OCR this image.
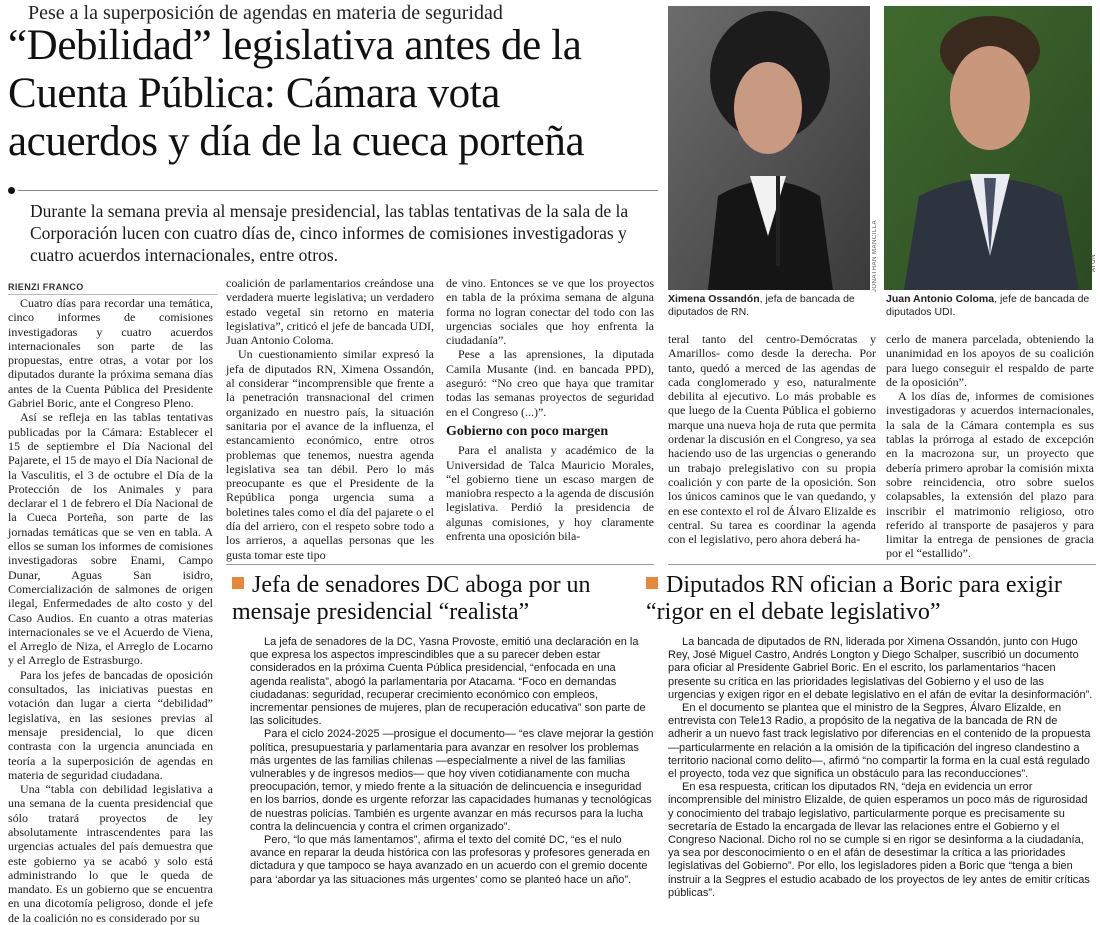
Pese a la superposición de agendas en materia de seguridad
“Debilidad” legislativa antes de la Cuenta Pública: Cámara vota acuerdos y día de la cueca porteña
Durante la semana previa al mensaje presidencial, las tablas tentativas de la sala de la Corporación lucen con cuatro días de, cinco informes de comisiones investigadoras y cuatro acuerdos internacionales, entre otros.
RIENZI FRANCO	JONATHAN MANCILLA
Ximena Ossandón, jefa de bancada de diputados de RN.
ATON
Juan Antonio Coloma, jefe de bancada de diputados UDI.

Cuatro días para recordar una temática, cinco informes de comisiones investigadoras y cuatro acuerdos internacionales son parte de las propuestas, entre otras, a votar por los diputados durante la próxima semana días antes de la Cuenta Pública del Presidente Gabriel Boric, ante el Congreso Pleno.

Así se refleja en las tablas tentativas publicadas por la Cámara: Establecer el 15 de septiembre el Día Nacional del Pajarete, el 15 de mayo el Día Nacional de la Vasculitis, el 3 de octubre el Día de la Protección de los Animales y para declarar el 1 de febrero el Día Nacional de la Cueca Porteña, son parte de las jornadas temáticas que se ven en tabla. A ellos se suman los informes de comisiones investigadoras sobre Enami, Campo Dunar, Aguas San isidro, Comercialización de salmones de origen ilegal, Enfermedades de alto costo y del Caso Audios. En cuanto a otras materias internacionales se ve el Acuerdo de Viena, el Arreglo de Niza, el Arreglo de Locarno y el Arreglo de Estrasburgo.

Para los jefes de bancadas de oposición consultados, las iniciativas puestas en votación dan lugar a cierta “debilidad” legislativa, en las sesiones previas al mensaje presidencial, lo que dicen contrasta con la urgencia anunciada en teoría a la superposición de agendas en materia de seguridad ciudadana.

Una “tabla con debilidad legislativa a una semana de la cuenta presidencial que sólo tratará proyectos de ley absolutamente intrascendentes para las urgencias actuales del país demuestra que este gobierno ya se acabó y solo está administrando lo que le queda de mandato. Es un gobierno que se encuentra en una dicotomía peligroso, donde el jefe de la coalición no es considerado por su

coalición de parlamentarios creándose una verdadera muerte legislativa; un verdadero estado vegetal sin retorno en materia legislativa”, criticó el jefe de bancada UDI, Juan Antonio Coloma.

Un cuestionamiento similar expresó la jefa de diputados RN, Ximena Ossandón, al considerar “incomprensible que frente a la penetración transnacional del crimen organizado en nuestro país, la situación sanitaria por el avance de la influenza, el estancamiento económico, entre otros problemas que tenemos, nuestra agenda legislativa sea tan débil. Pero lo más preocupante es que el Presidente de la República ponga urgencia suma a boletines tales como el día del pajarete o el día del arriero, con el respeto sobre todo a los arrieros, a aquellas personas que les gusta tomar este tipo

de vino. Entonces se ve que los proyectos en tabla de la próxima semana de alguna forma no logran conectar del todo con las urgencias sociales que hoy enfrenta la ciudadanía”.

Pese a las aprensiones, la diputada Camila Musante (ind. en bancada PPD), aseguró: “No creo que haya que tramitar todas las semanas proyectos de seguridad en el Congreso (...)”.

Gobierno con poco margen

Para el analista y académico de la Universidad de Talca Mauricio Morales, “el gobierno tiene un escaso margen de maniobra respecto a la agenda de discusión legislativa. Perdió la presidencia de algunas comisiones, y hoy claramente enfrenta una oposición bila-

teral tanto del centro-Demócratas y Amarillos- como desde la derecha. Por tanto, quedó a merced de las agendas de cada conglomerado y eso, naturalmente debilita al ejecutivo. Lo más probable es que luego de la Cuenta Pública el gobierno marque una nueva hoja de ruta que permita ordenar la discusión en el Congreso, ya sea haciendo uso de las urgencias o generando un trabajo prelegislativo con su propia coalición y con parte de la oposición. Son los únicos caminos que le van quedando, y en ese contexto el rol de Álvaro Elizalde es central. Su tarea es coordinar la agenda con el legislativo, pero ahora deberá ha-

cerlo de manera parcelada, obteniendo la unanimidad en los apoyos de su coalición para luego conseguir el respaldo de parte de la oposición”.

A los días de, informes de comisiones investigadoras y acuerdos internacionales, la sala de la Cámara contempla es sus tablas la prórroga al estado de excepción en la macrozona sur, un proyecto que debería primero aprobar la comisión mixta sobre reincidencia, otro sobre suelos colapsables, la extensión del plazo para inscribir el matrimonio religioso, otro referido al transporte de pasajeros y para limitar la entrega de pensiones de gracia por el “estallido”.

Jefa de senadores DC aboga por un mensaje presidencial “realista”

La jefa de senadores de la DC, Yasna Provoste, emitió una declaración en la que expresa los aspectos imprescindibles que a su parecer deben estar considerados en la próxima Cuenta Pública presidencial, “enfocada en una agenda realista”, abogó la parlamentaria por Atacama. “Foco en demandas ciudadanas: seguridad, recuperar crecimiento económico con empleos, incrementar pensiones de mujeres, plan de recuperación educativa” son parte de las solicitudes.

Para el ciclo 2024-2025 —prosigue el documento— “es clave mejorar la gestión política, presupuestaria y parlamentaria para avanzar en resolver los problemas más urgentes de las familias chilenas —especialmente a nivel de las familias vulnerables y de ingresos medios— que hoy viven cotidianamente con mucha preocupación, temor, y miedo frente a la situación de delincuencia e inseguridad en los barrios, donde es urgente reforzar las capacidades humanas y tecnológicas de nuestras policías. También es urgente avanzar en más recursos para la lucha contra la delincuencia y contra el crimen organizado”.

Pero, “lo que más lamentamos”, afirma el texto del comité DC, “es el nulo avance en reparar la deuda histórica con las profesoras y profesores generada en dictadura y que tampoco se haya avanzado en un acuerdo con el gremio docente para ‘abordar ya las situaciones más urgentes’ como se planteó hace un año”.

Diputados RN ofician a Boric para exigir “rigor en el debate legislativo”

La bancada de diputados de RN, liderada por Ximena Ossandón, junto con Hugo Rey, José Miguel Castro, Andrés Longton y Diego Schalper, suscribió un documento para oficiar al Presidente Gabriel Boric. En el escrito, los parlamentarios “hacen presente su crítica en las prioridades legislativas del Gobierno y el uso de las urgencias y exigen rigor en el debate legislativo en el afán de evitar la desinformación”.

En el documento se plantea que el ministro de la Segpres, Álvaro Elizalde, en entrevista con Tele13 Radio, a propósito de la negativa de la bancada de RN de adherir a un nuevo fast track legislativo por diferencias en el contenido de la propuesta —particularmente en relación a la omisión de la tipificación del ingreso clandestino a territorio nacional como delito—, afirmó “no compartir la forma en la cual está regulado el proyecto, toda vez que significa un obstáculo para las reconducciones”.

En esa respuesta, critican los diputados RN, “deja en evidencia un error incomprensible del ministro Elizalde, de quien esperamos un poco más de rigurosidad y conocimiento del trabajo legislativo, particularmente porque es precisamente su secretaría de Estado la encargada de llevar las relaciones entre el Gobierno y el Congreso Nacional. Dicho rol no se cumple si en rigor se desinforma a la ciudadanía, ya sea por desconocimiento o en el afán de desestimar la crítica a las prioridades legislativas del Gobierno”. Por ello, los legisladores piden a Boric que “tenga a bien instruir a la Segpres el estudio acabado de los proyectos de ley antes de emitir críticas públicas”.
